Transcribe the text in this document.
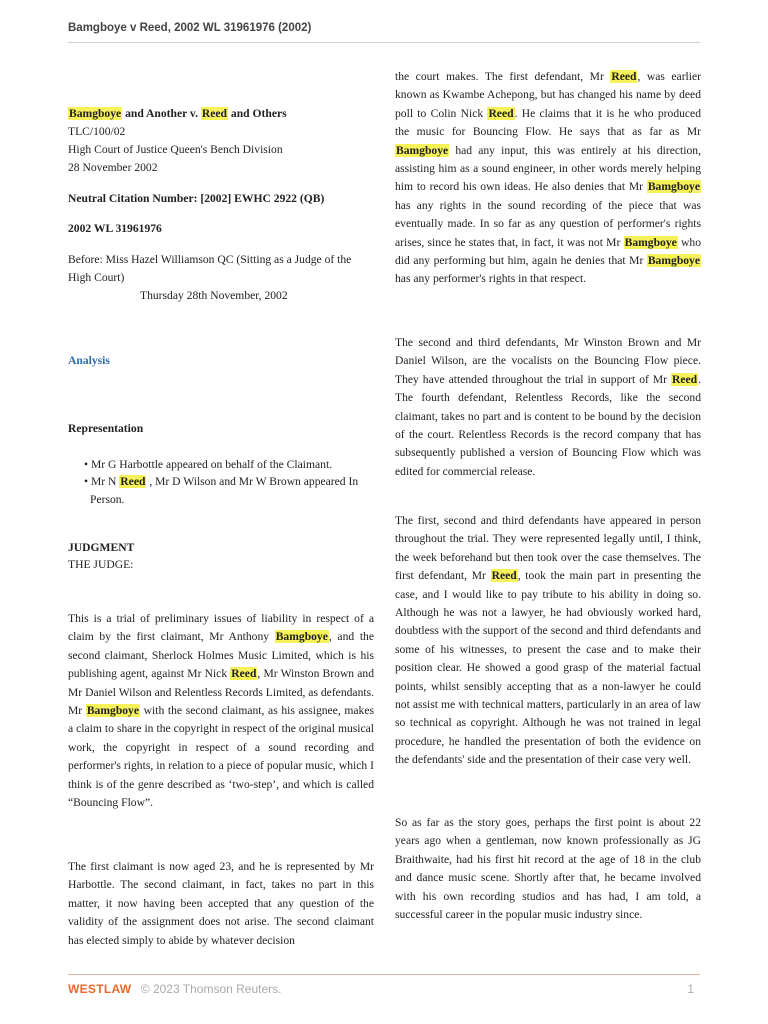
Bamgboye v Reed, 2002 WL 31961976 (2002)
Bamgboye and Another v. Reed and Others
TLC/100/02
High Court of Justice Queen's Bench Division
28 November 2002
Neutral Citation Number: [2002] EWHC 2922 (QB)
2002 WL 31961976
Before: Miss Hazel Williamson QC (Sitting as a Judge of the High Court)
Thursday 28th November, 2002
Analysis
Representation
• Mr G Harbottle appeared on behalf of the Claimant.
• Mr N Reed , Mr D Wilson and Mr W Brown appeared In Person.
JUDGMENT
THE JUDGE:

This is a trial of preliminary issues of liability in respect of a claim by the first claimant, Mr Anthony Bamgboye, and the second claimant, Sherlock Holmes Music Limited, which is his publishing agent, against Mr Nick Reed, Mr Winston Brown and Mr Daniel Wilson and Relentless Records Limited, as defendants. Mr Bamgboye with the second claimant, as his assignee, makes a claim to share in the copyright in respect of the original musical work, the copyright in respect of a sound recording and performer's rights, in relation to a piece of popular music, which I think is of the genre described as ‘two-step’, and which is called “Bouncing Flow”.

The first claimant is now aged 23, and he is represented by Mr Harbottle. The second claimant, in fact, takes no part in this matter, it now having been accepted that any question of the validity of the assignment does not arise. The second claimant has elected simply to abide by whatever decision

the court makes. The first defendant, Mr Reed, was earlier known as Kwambe Achepong, but has changed his name by deed poll to Colin Nick Reed. He claims that it is he who produced the music for Bouncing Flow. He says that as far as Mr Bamgboye had any input, this was entirely at his direction, assisting him as a sound engineer, in other words merely helping him to record his own ideas. He also denies that Mr Bamgboye has any rights in the sound recording of the piece that was eventually made. In so far as any question of performer's rights arises, since he states that, in fact, it was not Mr Bamgboye who did any performing but him, again he denies that Mr Bamgboye has any performer's rights in that respect.

The second and third defendants, Mr Winston Brown and Mr Daniel Wilson, are the vocalists on the Bouncing Flow piece. They have attended throughout the trial in support of Mr Reed. The fourth defendant, Relentless Records, like the second claimant, takes no part and is content to be bound by the decision of the court. Relentless Records is the record company that has subsequently published a version of Bouncing Flow which was edited for commercial release.

The first, second and third defendants have appeared in person throughout the trial. They were represented legally until, I think, the week beforehand but then took over the case themselves. The first defendant, Mr Reed, took the main part in presenting the case, and I would like to pay tribute to his ability in doing so. Although he was not a lawyer, he had obviously worked hard, doubtless with the support of the second and third defendants and some of his witnesses, to present the case and to make their position clear. He showed a good grasp of the material factual points, whilst sensibly accepting that as a non-lawyer he could not assist me with technical matters, particularly in an area of law so technical as copyright. Although he was not trained in legal procedure, he handled the presentation of both the evidence on the defendants' side and the presentation of their case very well.

So as far as the story goes, perhaps the first point is about 22 years ago when a gentleman, now known professionally as JG Braithwaite, had his first hit record at the age of 18 in the club and dance music scene. Shortly after that, he became involved with his own recording studios and has had, I am told, a successful career in the popular music industry since.

WESTLAW © 2023 Thomson Reuters.	1
